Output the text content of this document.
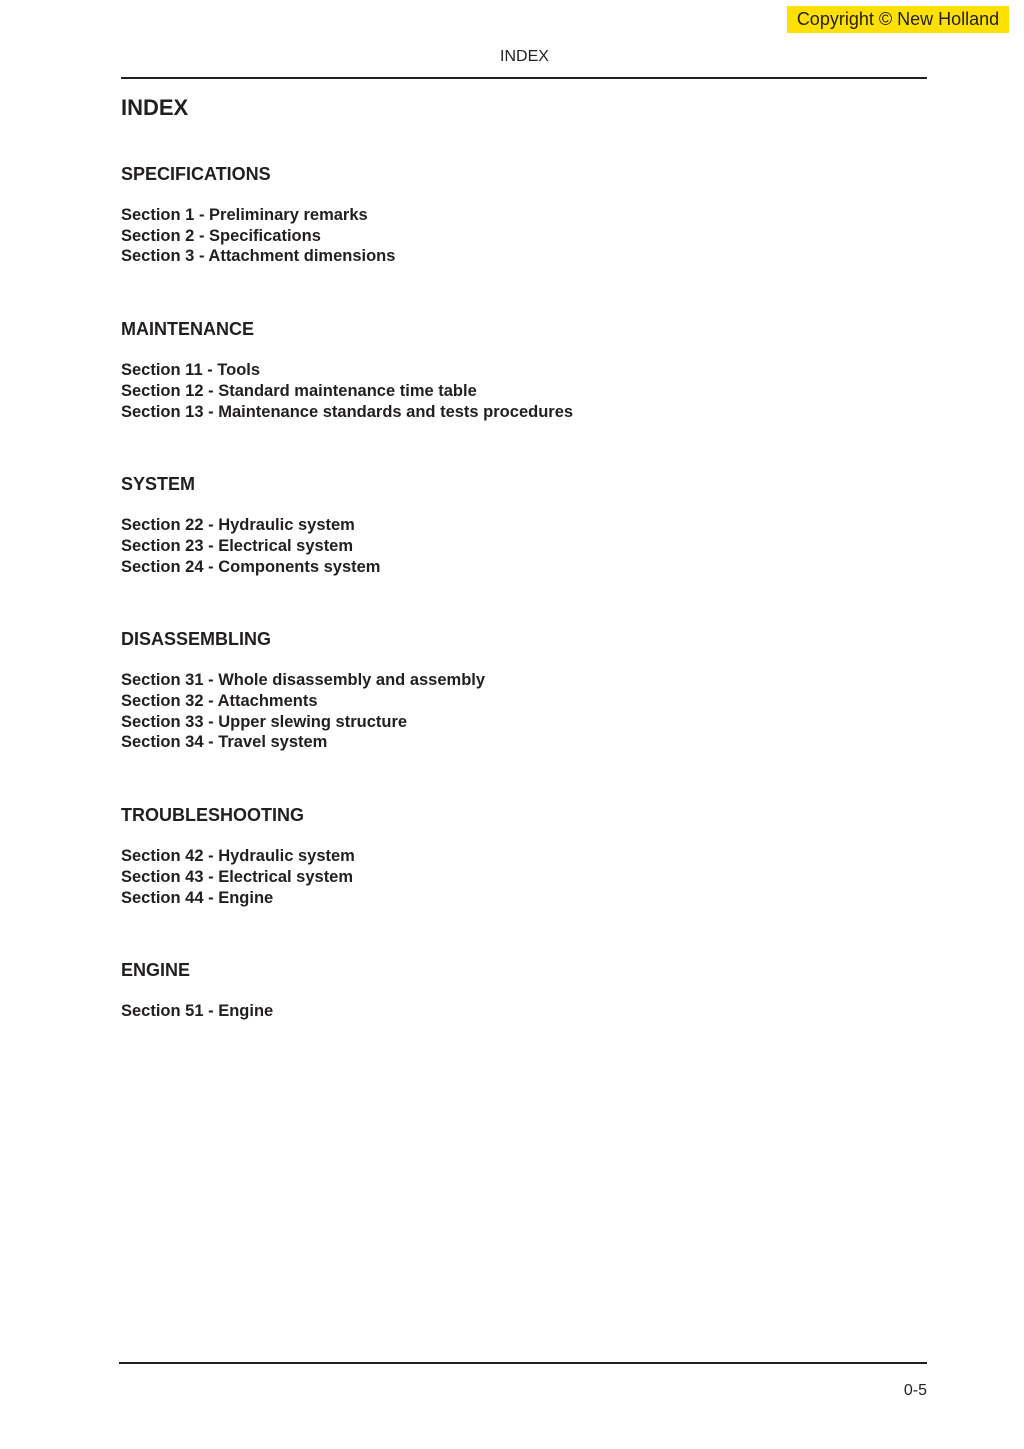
Copyright © New Holland
INDEX
INDEX
SPECIFICATIONS
Section 1 - Preliminary remarks
Section 2 - Specifications
Section 3 - Attachment dimensions
MAINTENANCE
Section 11 - Tools
Section 12 - Standard maintenance time table
Section 13 - Maintenance standards and tests procedures
SYSTEM
Section 22 - Hydraulic system
Section 23 - Electrical system
Section 24 - Components system
DISASSEMBLING
Section 31 - Whole disassembly and assembly
Section 32 - Attachments
Section 33 - Upper slewing structure
Section 34 - Travel system
TROUBLESHOOTING
Section 42 - Hydraulic system
Section 43 - Electrical system
Section 44 - Engine
ENGINE
Section 51 - Engine
0-5
